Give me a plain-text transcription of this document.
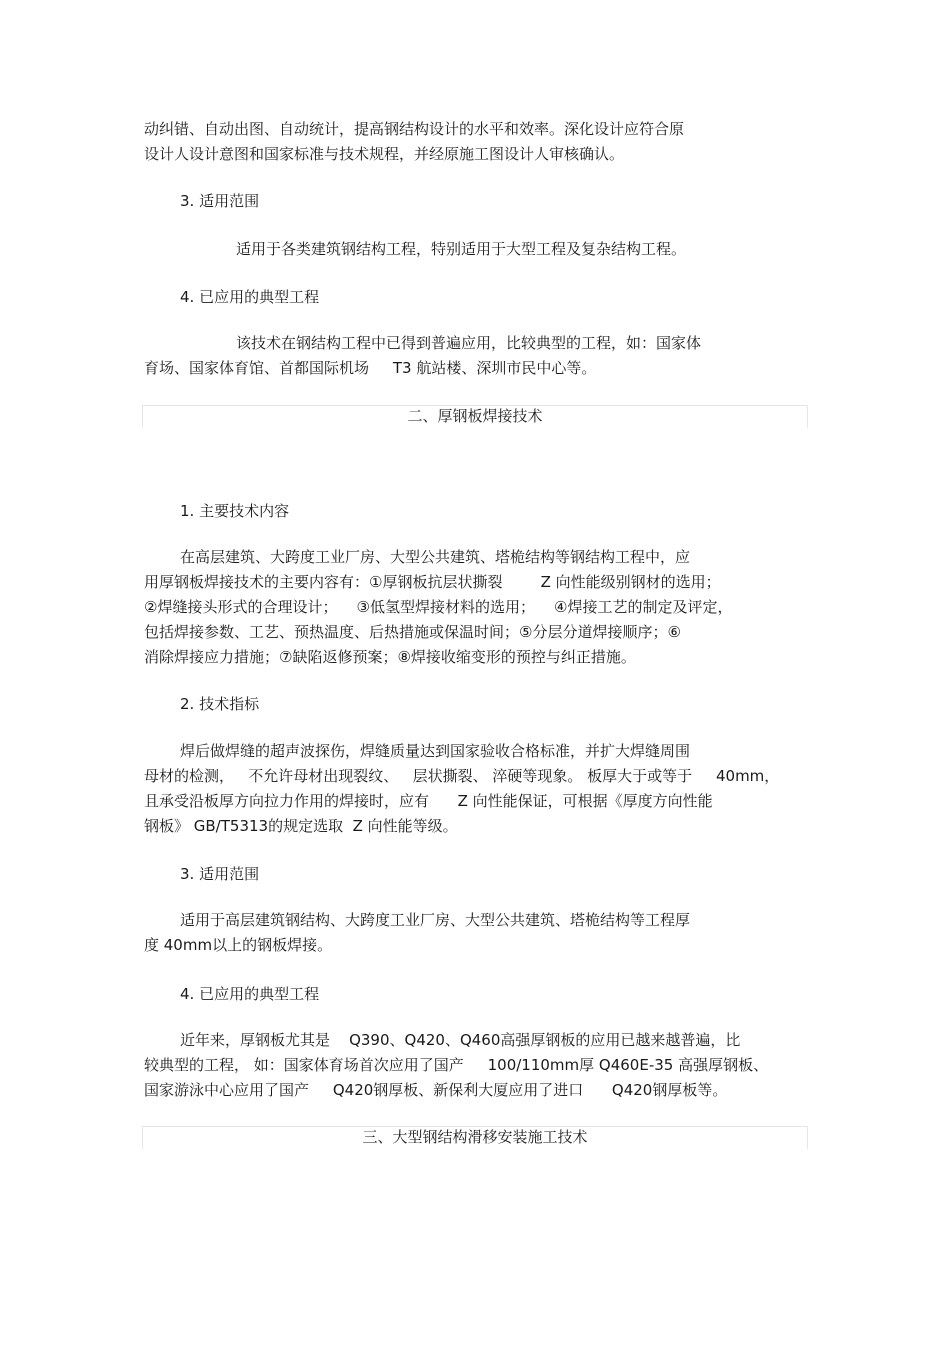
动纠错、自动出图、自动统计，提高钢结构设计的水平和效率。深化设计应符合原
设计人设计意图和国家标准与技术规程，并经原施工图设计人审核确认。
3. 适用范围
适用于各类建筑钢结构工程，特别适用于大型工程及复杂结构工程。
4. 已应用的典型工程
该技术在钢结构工程中已得到普遍应用，比较典型的工程，如：国家体
育场、国家体育馆、首都国际机场     T3 航站楼、深圳市民中心等。
二、厚钢板焊接技术
1. 主要技术内容
在高层建筑、大跨度工业厂房、大型公共建筑、塔桅结构等钢结构工程中，应
用厚钢板焊接技术的主要内容有：①厚钢板抗层状撕裂        Z 向性能级别钢材的选用；
②焊缝接头形式的合理设计；    ③低氢型焊接材料的选用；    ④焊接工艺的制定及评定，
包括焊接参数、工艺、预热温度、后热措施或保温时间；⑤分层分道焊接顺序；⑥
消除焊接应力措施；⑦缺陷返修预案；⑧焊接收缩变形的预控与纠正措施。
2. 技术指标
焊后做焊缝的超声波探伤，焊缝质量达到国家验收合格标准，并扩大焊缝周围
母材的检测，   不允许母材出现裂纹、   层状撕裂、 淬硬等现象。 板厚大于或等于     40mm，
且承受沿板厚方向拉力作用的焊接时，应有      Z 向性能保证，可根据《厚度方向性能
钢板》 GB/T5313的规定选取  Z 向性能等级。
3. 适用范围
适用于高层建筑钢结构、大跨度工业厂房、大型公共建筑、塔桅结构等工程厚
度 40mm以上的钢板焊接。
4. 已应用的典型工程
近年来，厚钢板尤其是    Q390、Q420、Q460高强厚钢板的应用已越来越普遍，比
较典型的工程， 如：国家体育场首次应用了国产     100/110mm厚 Q460E-35 高强厚钢板、
国家游泳中心应用了国产     Q420钢厚板、新保利大厦应用了进口      Q420钢厚板等。
三、大型钢结构滑移安装施工技术
